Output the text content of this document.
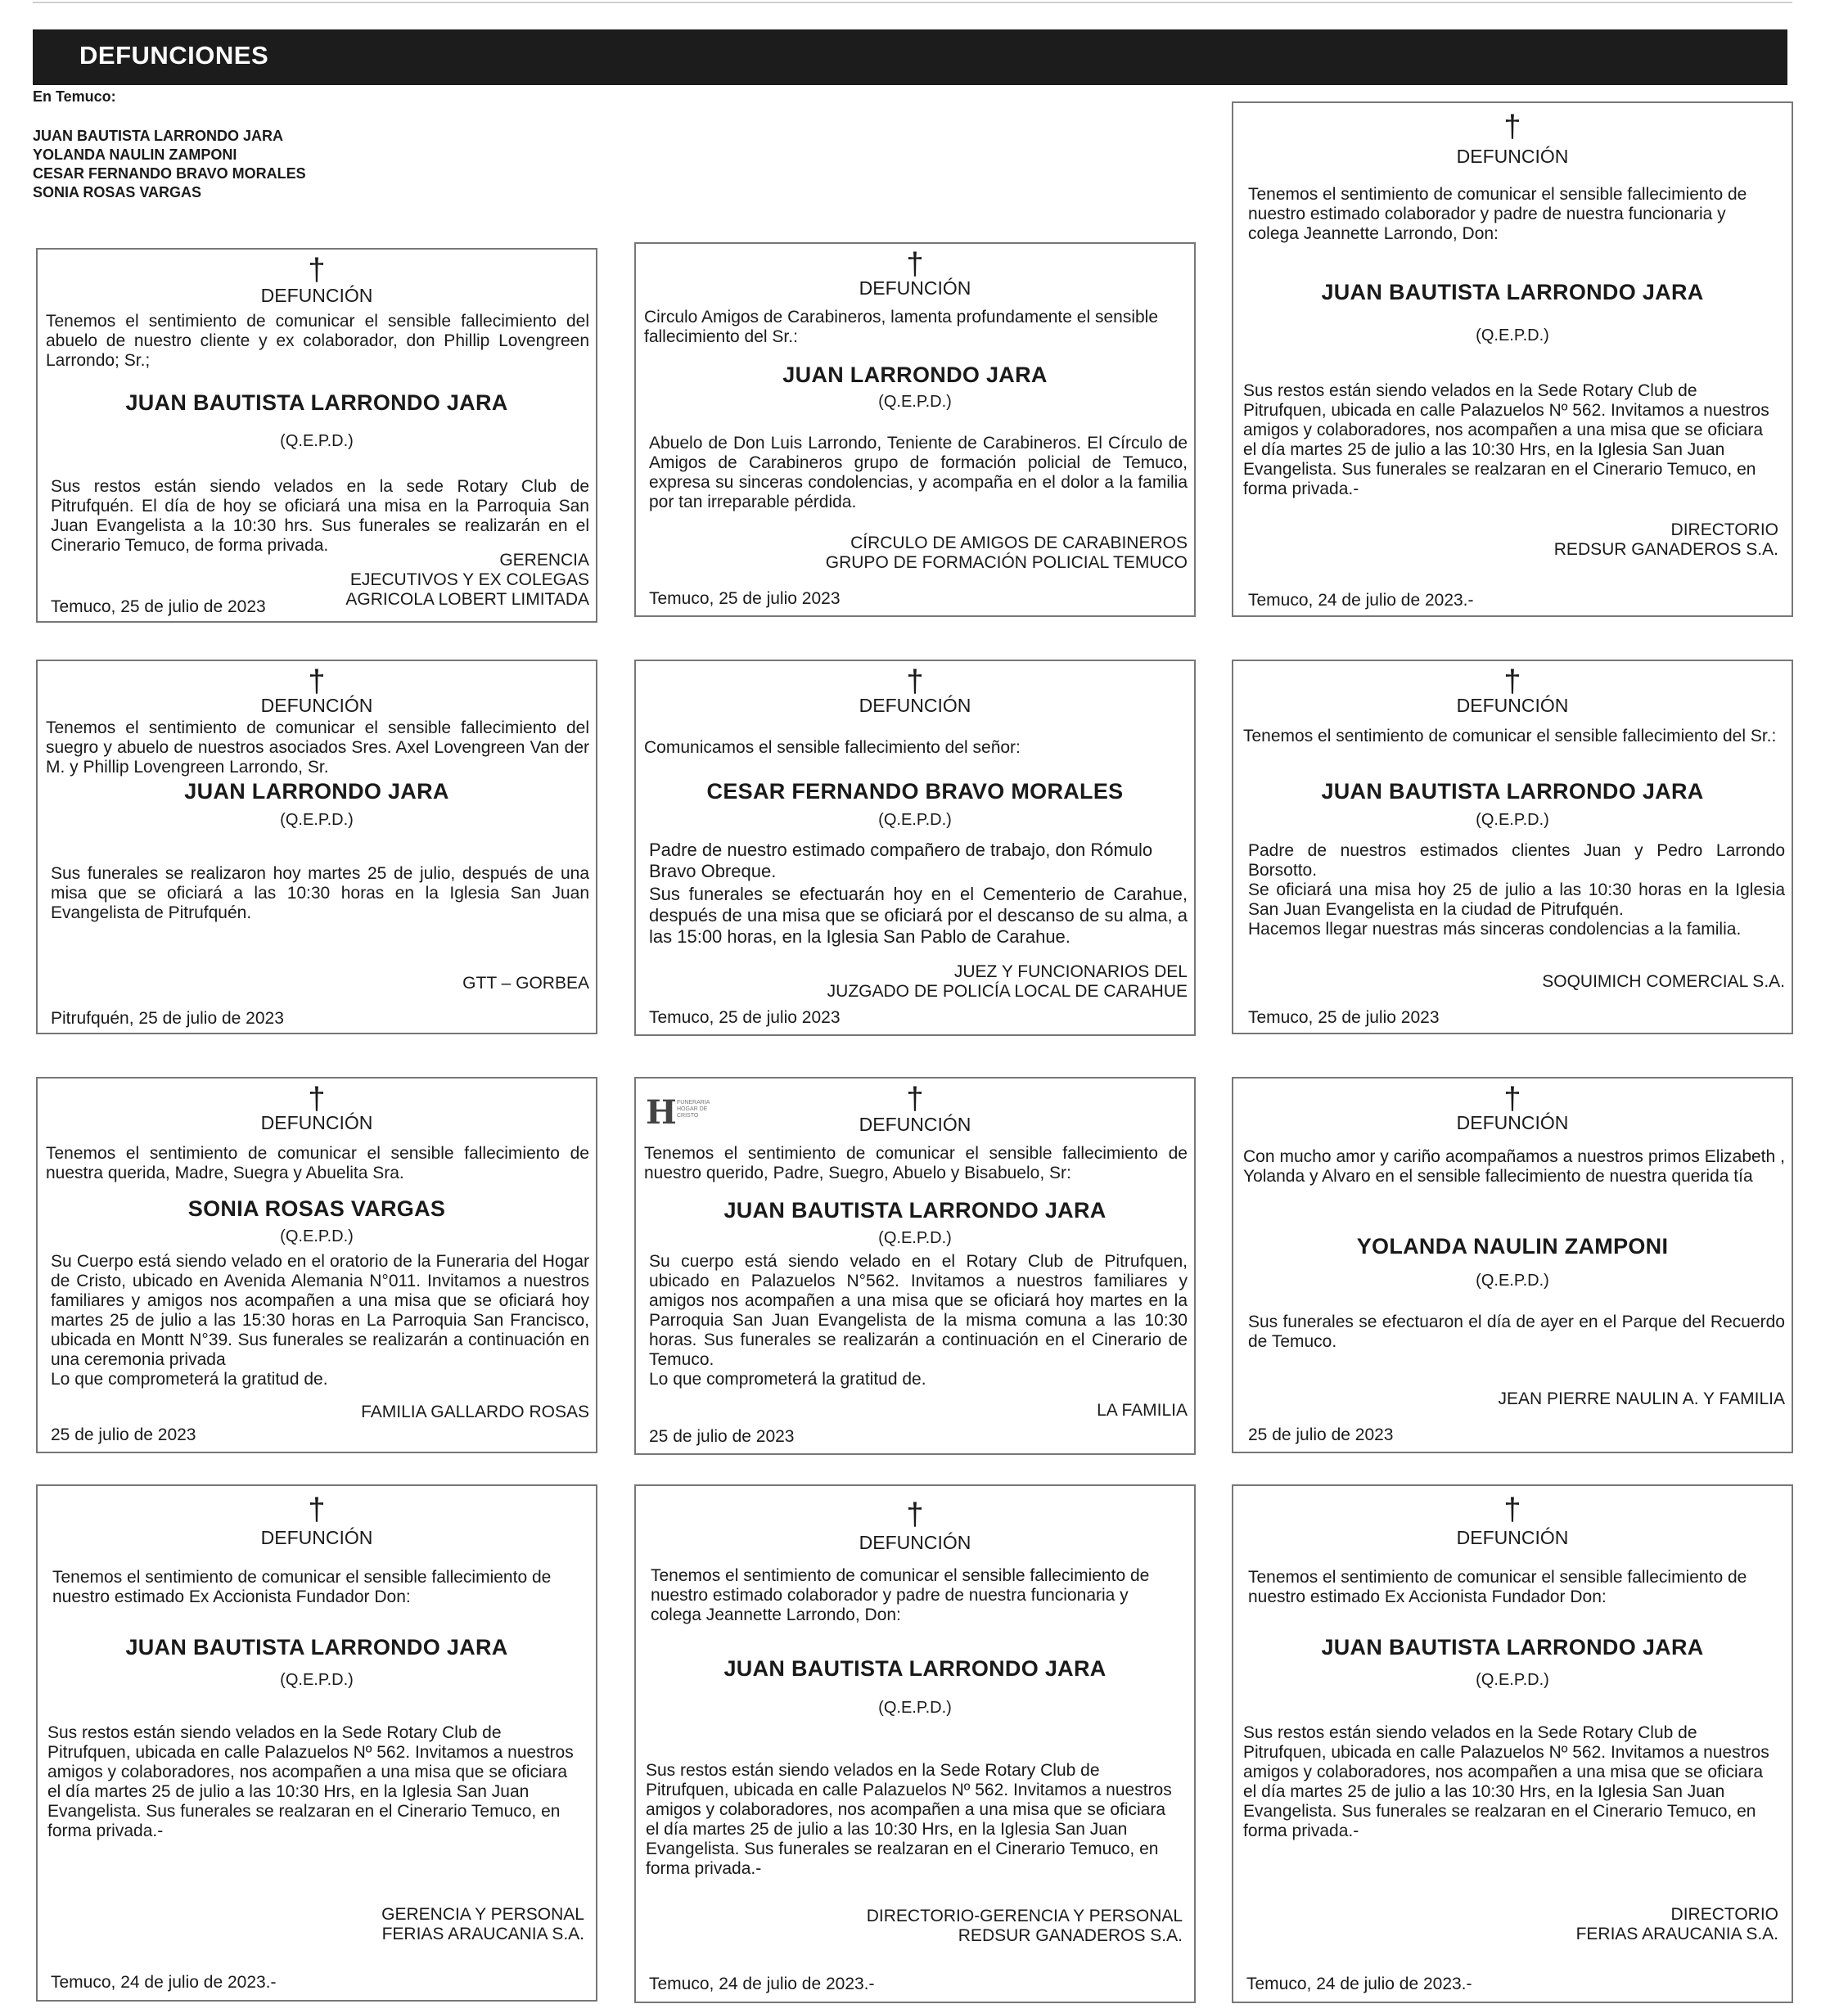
DEFUNCIONES
En Temuco:
JUAN BAUTISTA LARRONDO JARA
YOLANDA NAULIN ZAMPONI
CESAR FERNANDO BRAVO MORALES
SONIA ROSAS VARGAS
†
DEFUNCIÓN

Tenemos el sentimiento de comunicar el sensible fallecimiento del abuelo de nuestro cliente y ex colaborador, don Phillip Lovengreen Larrondo; Sr.;

JUAN BAUTISTA LARRONDO JARA
(Q.E.P.D.)

Sus restos están siendo velados en la sede Rotary Club de Pitrufquén. El día de hoy se oficiará una misa en la Parroquia San Juan Evangelista a la 10:30 hrs. Sus funerales se realizarán en el Cinerario Temuco, de forma privada.

GERENCIA
EJECUTIVOS Y EX COLEGAS
AGRICOLA LOBERT LIMITADA
Temuco, 25 de julio de 2023
†
DEFUNCIÓN

Circulo Amigos de Carabineros, lamenta profundamente el sensible fallecimiento del Sr.:

JUAN LARRONDO JARA
(Q.E.P.D.)

Abuelo de Don Luis Larrondo, Teniente de Carabineros. El Círculo de Amigos de Carabineros grupo de formación policial de Temuco, expresa su sinceras condolencias, y acompaña en el dolor a la familia por tan irreparable pérdida.

CÍRCULO DE AMIGOS DE CARABINEROS
GRUPO DE FORMACIÓN POLICIAL TEMUCO
Temuco, 25 de julio 2023
†
DEFUNCIÓN

Tenemos el sentimiento de comunicar el sensible fallecimiento de nuestro estimado colaborador y padre de nuestra funcionaria y colega Jeannette Larrondo, Don:

JUAN BAUTISTA LARRONDO JARA
(Q.E.P.D.)

Sus restos están siendo velados en la Sede Rotary Club de Pitrufquen, ubicada en calle Palazuelos Nº 562. Invitamos a nuestros amigos y colaboradores, nos acompañen a una misa que se oficiara el día martes 25 de julio a las 10:30 Hrs, en la Iglesia San Juan Evangelista. Sus funerales se realzaran en el Cinerario Temuco, en forma privada.-

DIRECTORIO
REDSUR GANADEROS S.A.
Temuco, 24 de julio de 2023.-
†
DEFUNCIÓN

Tenemos el sentimiento de comunicar el sensible fallecimiento del suegro y abuelo de nuestros asociados Sres. Axel Lovengreen Van der M. y Phillip Lovengreen Larrondo, Sr.

JUAN LARRONDO JARA
(Q.E.P.D.)

Sus funerales se realizaron hoy martes 25 de julio, después de una misa que se oficiará a las 10:30 horas en la Iglesia San Juan Evangelista de Pitrufquén.

GTT – GORBEA
Pitrufquén, 25 de julio de 2023
†
DEFUNCIÓN

Comunicamos el sensible fallecimiento del señor:

CESAR FERNANDO BRAVO MORALES
(Q.E.P.D.)

Padre de nuestro estimado compañero de trabajo, don Rómulo Bravo Obreque.

Sus funerales se efectuarán hoy en el Cementerio de Carahue, después de una misa que se oficiará por el descanso de su alma, a las 15:00 horas, en la Iglesia San Pablo de Carahue.

JUEZ Y FUNCIONARIOS DEL
JUZGADO DE POLICÍA LOCAL DE CARAHUE
Temuco, 25 de julio 2023
†
DEFUNCIÓN

Tenemos el sentimiento de comunicar el sensible fallecimiento del Sr.:

JUAN BAUTISTA LARRONDO JARA
(Q.E.P.D.)

Padre de nuestros estimados clientes Juan y Pedro Larrondo Borsotto.

Se oficiará una misa hoy 25 de julio a las 10:30 horas en la Iglesia San Juan Evangelista en la ciudad de Pitrufquén.

Hacemos llegar nuestras más sinceras condolencias a la familia.

SOQUIMICH COMERCIAL S.A.
Temuco, 25 de julio 2023
†
DEFUNCIÓN

Tenemos el sentimiento de comunicar el sensible fallecimiento de nuestra querida, Madre, Suegra y Abuelita Sra.

SONIA ROSAS VARGAS
(Q.E.P.D.)

Su Cuerpo está siendo velado en el oratorio de la Funeraria del Hogar de Cristo, ubicado en Avenida Alemania N°011. Invitamos a nuestros familiares y amigos nos acompañen a una misa que se oficiará hoy martes 25 de julio a las 15:30 horas en La Parroquia San Francisco, ubicada en Montt N°39. Sus funerales se realizarán a continuación en una ceremonia privada

Lo que comprometerá la gratitud de.

FAMILIA GALLARDO ROSAS
25 de julio de 2023
H FUNERARIA HOGAR DE CRISTO	†
DEFUNCIÓN

Tenemos el sentimiento de comunicar el sensible fallecimiento de nuestro querido, Padre, Suegro, Abuelo y Bisabuelo, Sr:

JUAN BAUTISTA LARRONDO JARA
(Q.E.P.D.)

Su cuerpo está siendo velado en el Rotary Club de Pitrufquen, ubicado en Palazuelos N°562. Invitamos a nuestros familiares y amigos nos acompañen a una misa que se oficiará hoy martes en la Parroquia San Juan Evangelista de la misma comuna a las 10:30 horas. Sus funerales se realizarán a continuación en el Cinerario de Temuco.

Lo que comprometerá la gratitud de.

LA FAMILIA
25 de julio de 2023
†
DEFUNCIÓN

Con mucho amor y cariño acompañamos a nuestros primos Elizabeth , Yolanda y Alvaro en el sensible fallecimiento de nuestra querida tía

YOLANDA NAULIN ZAMPONI
(Q.E.P.D.)

Sus funerales se efectuaron el día de ayer en el Parque del Recuerdo de Temuco.

JEAN PIERRE NAULIN A. Y FAMILIA
25 de julio de 2023
†
DEFUNCIÓN

Tenemos el sentimiento de comunicar el sensible fallecimiento de nuestro estimado Ex Accionista Fundador Don:

JUAN BAUTISTA LARRONDO JARA
(Q.E.P.D.)

Sus restos están siendo velados en la Sede Rotary Club de Pitrufquen, ubicada en calle Palazuelos Nº 562. Invitamos a nuestros amigos y colaboradores, nos acompañen a una misa que se oficiara el día martes 25 de julio a las 10:30 Hrs, en la Iglesia San Juan Evangelista. Sus funerales se realzaran en el Cinerario Temuco, en forma privada.-

GERENCIA Y PERSONAL
FERIAS ARAUCANIA S.A.
Temuco, 24 de julio de 2023.-
†
DEFUNCIÓN

Tenemos el sentimiento de comunicar el sensible fallecimiento de nuestro estimado colaborador y padre de nuestra funcionaria y colega Jeannette Larrondo, Don:

JUAN BAUTISTA LARRONDO JARA
(Q.E.P.D.)

Sus restos están siendo velados en la Sede Rotary Club de Pitrufquen, ubicada en calle Palazuelos Nº 562. Invitamos a nuestros amigos y colaboradores, nos acompañen a una misa que se oficiara el día martes 25 de julio a las 10:30 Hrs, en la Iglesia San Juan Evangelista. Sus funerales se realzaran en el Cinerario Temuco, en forma privada.-

DIRECTORIO-GERENCIA Y PERSONAL
REDSUR GANADEROS S.A.
Temuco, 24 de julio de 2023.-
†
DEFUNCIÓN

Tenemos el sentimiento de comunicar el sensible fallecimiento de nuestro estimado Ex Accionista Fundador Don:

JUAN BAUTISTA LARRONDO JARA
(Q.E.P.D.)

Sus restos están siendo velados en la Sede Rotary Club de Pitrufquen, ubicada en calle Palazuelos Nº 562. Invitamos a nuestros amigos y colaboradores, nos acompañen a una misa que se oficiara el día martes 25 de julio a las 10:30 Hrs, en la Iglesia San Juan Evangelista. Sus funerales se realzaran en el Cinerario Temuco, en forma privada.-

DIRECTORIO
FERIAS ARAUCANIA S.A.
Temuco, 24 de julio de 2023.-
